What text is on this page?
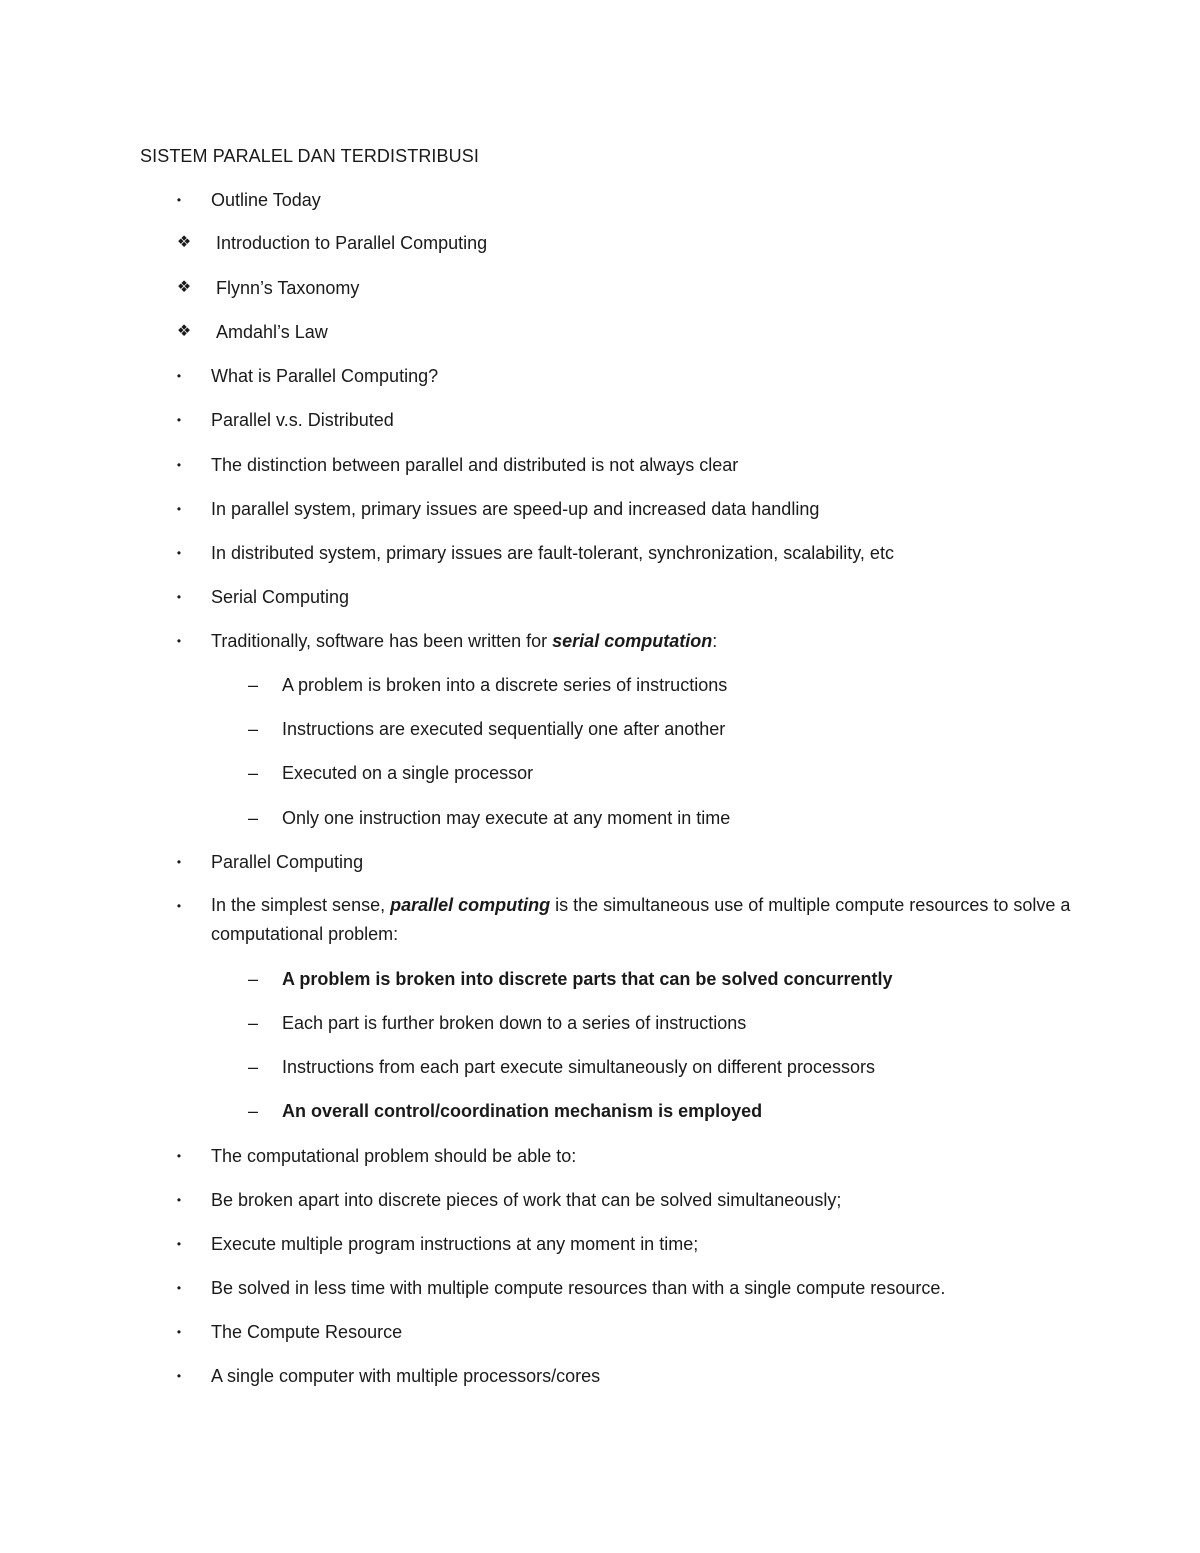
SISTEM PARALEL DAN TERDISTRIBUSI
• Outline Today
❖ Introduction to Parallel Computing
❖ Flynn’s Taxonomy
❖ Amdahl’s Law
• What is Parallel Computing?
• Parallel v.s. Distributed
• The distinction between parallel and distributed is not always clear
• In parallel system, primary issues are speed-up and increased data handling
• In distributed system, primary issues are fault-tolerant, synchronization, scalability, etc
• Serial Computing
• Traditionally, software has been written for serial computation:
– A problem is broken into a discrete series of instructions
– Instructions are executed sequentially one after another
– Executed on a single processor
– Only one instruction may execute at any moment in time
• Parallel Computing
• In the simplest sense, parallel computing is the simultaneous use of multiple compute resources to solve a computational problem:
– A problem is broken into discrete parts that can be solved concurrently
– Each part is further broken down to a series of instructions
– Instructions from each part execute simultaneously on different processors
– An overall control/coordination mechanism is employed
• The computational problem should be able to:
• Be broken apart into discrete pieces of work that can be solved simultaneously;
• Execute multiple program instructions at any moment in time;
• Be solved in less time with multiple compute resources than with a single compute resource.
• The Compute Resource
• A single computer with multiple processors/cores
